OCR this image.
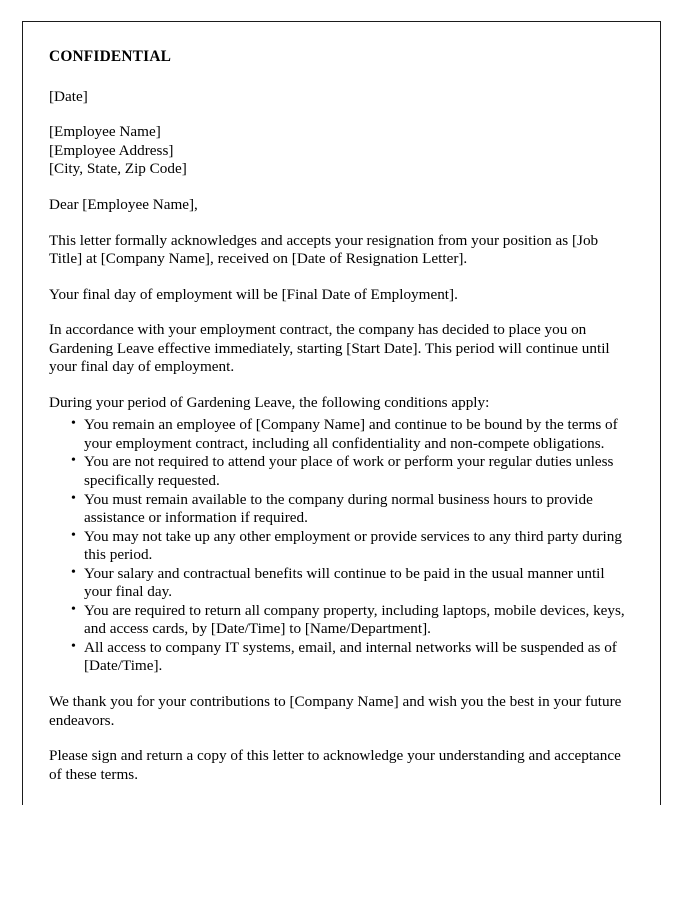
CONFIDENTIAL

[Date]

[Employee Name]

[Employee Address]

[City, State, Zip Code]

Dear [Employee Name],

This letter formally acknowledges and accepts your resignation from your position as [Job Title] at [Company Name], received on [Date of Resignation Letter].

Your final day of employment will be [Final Date of Employment].

In accordance with your employment contract, the company has decided to place you on Gardening Leave effective immediately, starting [Start Date]. This period will continue until your final day of employment.

During your period of Gardening Leave, the following conditions apply:

• You remain an employee of [Company Name] and continue to be bound by the terms of your employment contract, including all confidentiality and non-compete obligations.
• You are not required to attend your place of work or perform your regular duties unless specifically requested.
• You must remain available to the company during normal business hours to provide assistance or information if required.
• You may not take up any other employment or provide services to any third party during this period.
• Your salary and contractual benefits will continue to be paid in the usual manner until your final day.
• You are required to return all company property, including laptops, mobile devices, keys, and access cards, by [Date/Time] to [Name/Department].
• All access to company IT systems, email, and internal networks will be suspended as of [Date/Time].

We thank you for your contributions to [Company Name] and wish you the best in your future endeavors.

Please sign and return a copy of this letter to acknowledge your understanding and acceptance of these terms.
